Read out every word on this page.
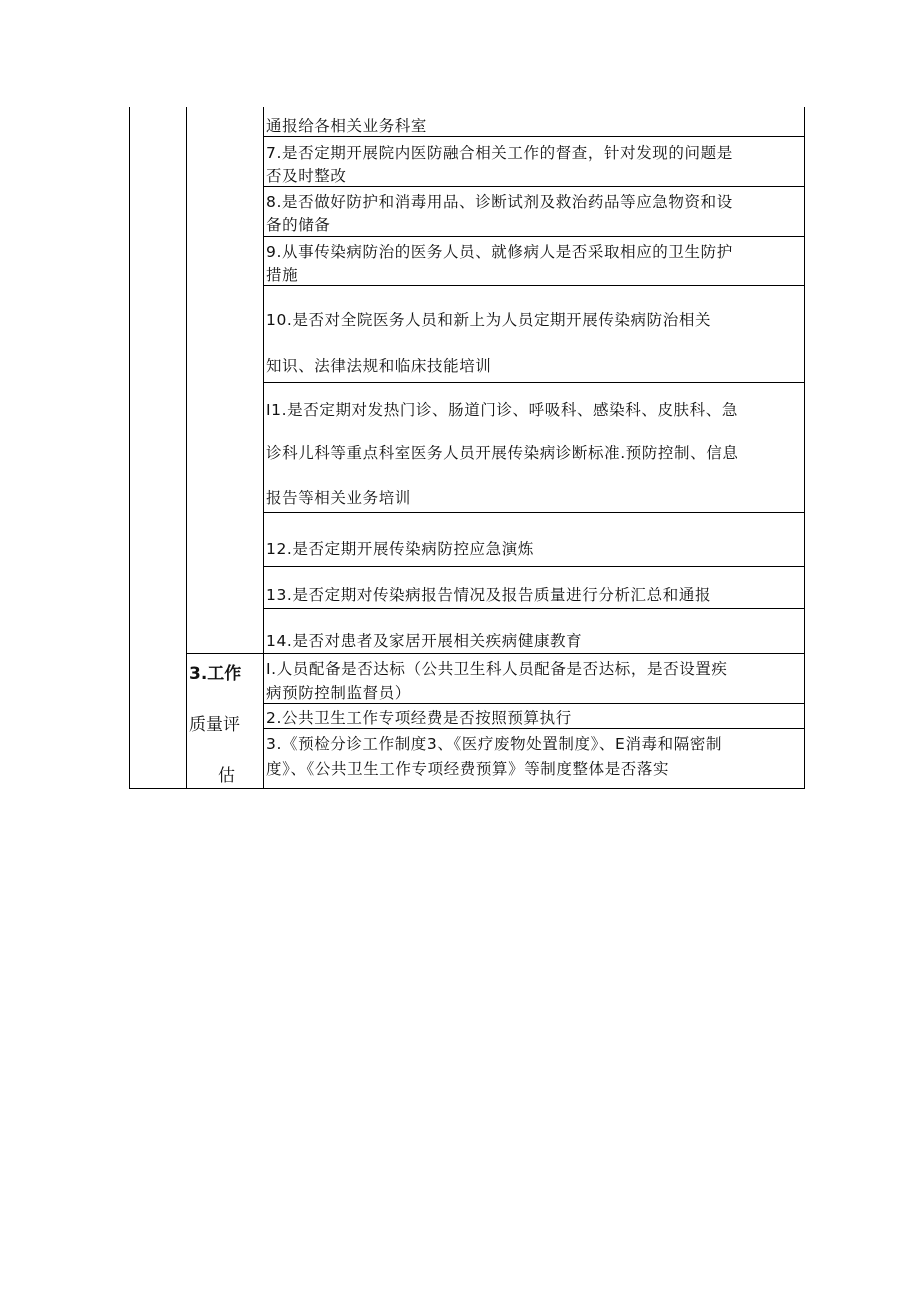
通报给各相关业务科室
7.是否定期开展院内医防融合相关工作的督查，针对发现的问题是
否及时整改
8.是否做好防护和消毒用品、诊断试剂及救治药品等应急物资和设
备的储备
9.从事传染病防治的医务人员、就修病人是否采取相应的卫生防护
措施
10.是否对全院医务人员和新上为人员定期开展传染病防治相关
知识、法律法规和临床技能培训
I1.是否定期对发热门诊、肠道门诊、呼吸科、感染科、皮肤科、急
诊科儿科等重点科室医务人员开展传染病诊断标准.预防控制、信息
报告等相关业务培训
12.是否定期开展传染病防控应急演炼
13.是否定期对传染病报告情况及报告质量进行分析汇总和通报
14.是否对患者及家居开展相关疾病健康教育
3.工作
质量评
估
I.人员配备是否达标（公共卫生科人员配备是否达标，是否设置疾
病预防控制监督员）
2.公共卫生工作专项经费是否按照预算执行
3.《预检分诊工作制度3、《医疗废物处置制度》、E消毒和隔密制
度》、《公共卫生工作专项经费预算》等制度整体是否落实
